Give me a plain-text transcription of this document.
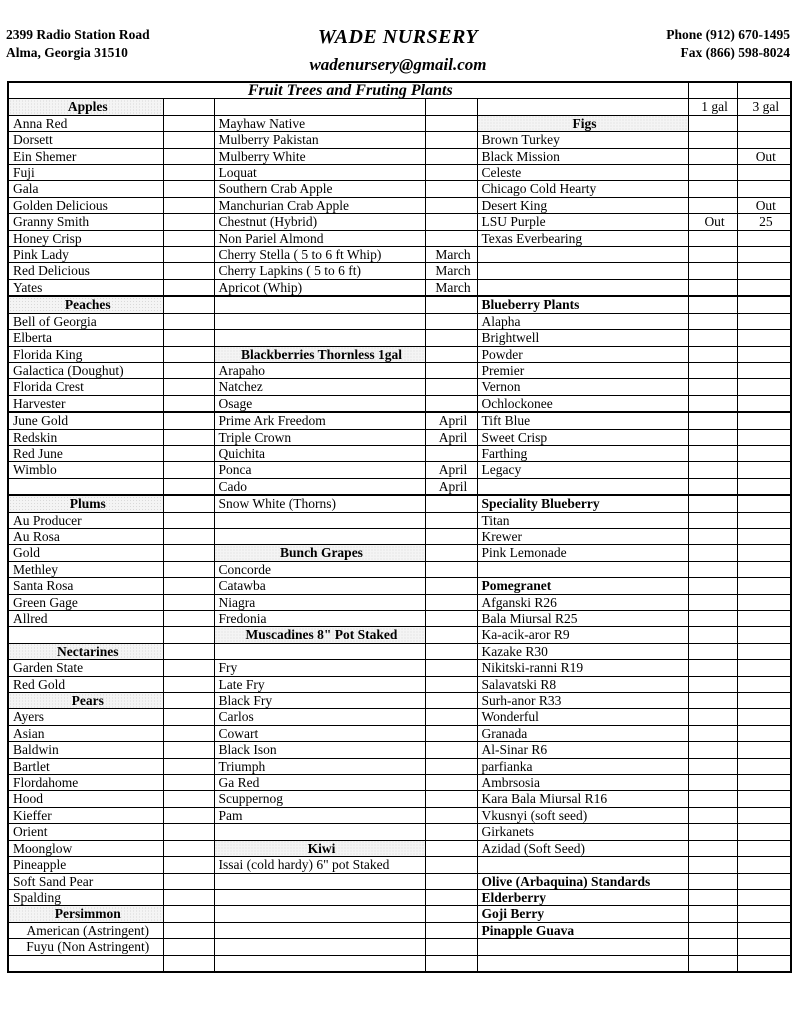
2399 Radio Station Road
Alma, Georgia 31510
WADE NURSERY
wadenursery@gmail.com
Phone (912) 670-1495
Fax (866) 598-8024
Fruit Trees and Fruting Plants						
Apples					1 gal	3 gal
Anna Red		Mayhaw Native		Figs		
Dorsett		Mulberry Pakistan		Brown Turkey		
Ein Shemer		Mulberry White		Black Mission		Out
Fuji		Loquat		Celeste		
Gala		Southern Crab Apple		Chicago Cold Hearty		
Golden Delicious		Manchurian Crab Apple		Desert King		Out
Granny Smith		Chestnut (Hybrid)		LSU Purple	Out	25
Honey Crisp		Non Pariel Almond		Texas Everbearing		
Pink Lady		Cherry Stella ( 5 to 6 ft Whip)	March			
Red Delicious		Cherry Lapkins ( 5 to 6 ft)	March			
Yates		Apricot (Whip)	March			
Peaches				Blueberry Plants		
Bell of Georgia				Alapha		
Elberta				Brightwell		
Florida King		Blackberries Thornless 1gal		Powder		
Galactica (Doughut)		Arapaho		Premier		
Florida Crest		Natchez		Vernon		
Harvester		Osage		Ochlockonee		
June Gold		Prime Ark Freedom	April	Tift Blue		
Redskin		Triple Crown	April	Sweet Crisp		
Red June		Quichita		Farthing		
Wimblo		Ponca	April	Legacy		
		Cado	April			
Plums		Snow White (Thorns)		Speciality Blueberry		
Au Producer				Titan		
Au Rosa				Krewer		
Gold		Bunch Grapes		Pink Lemonade		
Methley		Concorde				
Santa Rosa		Catawba		Pomegranet		
Green Gage		Niagra		Afganski R26		
Allred		Fredonia		Bala Miursal R25		
		Muscadines 8" Pot Staked		Ka-acik-aror R9		
Nectarines				Kazake R30		
Garden State		Fry		Nikitski-ranni R19		
Red Gold		Late Fry		Salavatski R8		
Pears		Black Fry		Surh-anor R33		
Ayers		Carlos		Wonderful		
Asian		Cowart		Granada		
Baldwin		Black Ison		Al-Sinar R6		
Bartlet		Triumph		parfianka		
Flordahome		Ga Red		Ambrsosia		
Hood		Scuppernog		Kara Bala Miursal R16		
Kieffer		Pam		Vkusnyi (soft seed)		
Orient				Girkanets		
Moonglow		Kiwi		Azidad (Soft Seed)		
Pineapple		Issai (cold hardy) 6" pot Staked				
Soft Sand Pear				Olive (Arbaquina) Standards		
Spalding				Elderberry		
Persimmon				Goji Berry		
American (Astringent)				Pinapple Guava		
Fuyu (Non Astringent)						
